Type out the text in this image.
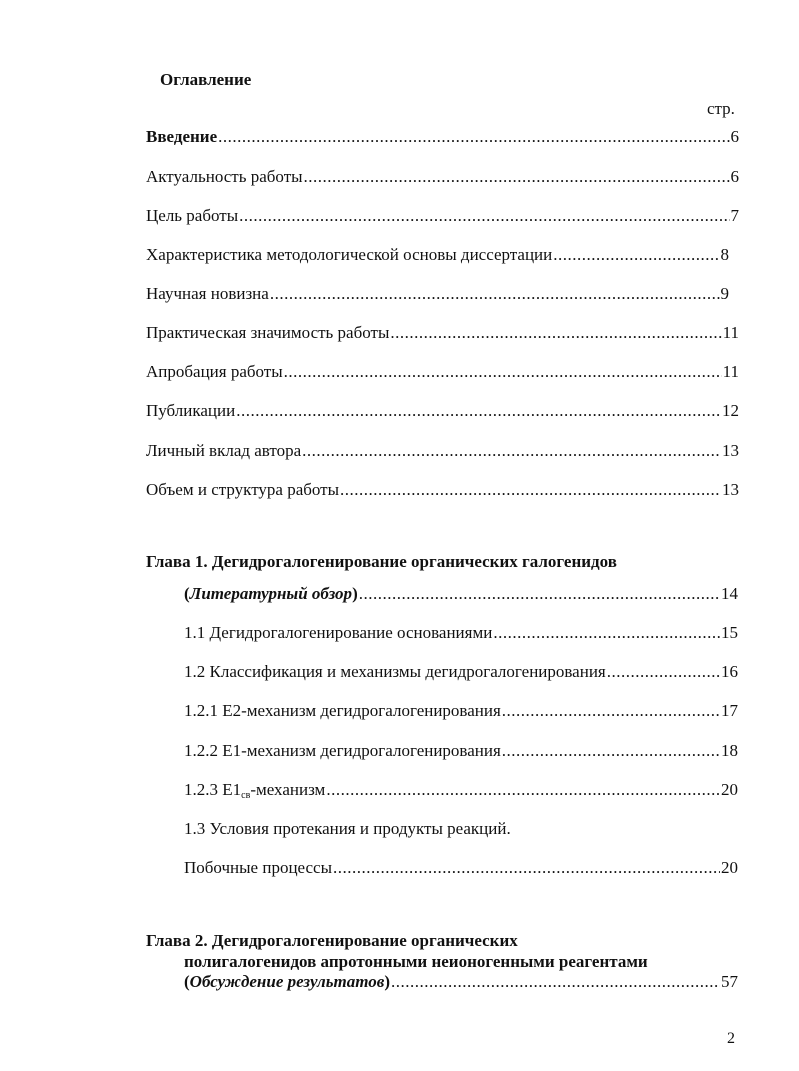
Оглавление
стр.
Введение .....	6
Актуальность работы .....	6
Цель работы .....	7
Характеристика методологической основы диссертации .....	8
Научная новизна .....	9
Практическая значимость работы .....	11
Апробация работы .....	11
Публикации .....	12
Личный вклад автора .....	13
Объем и структура работы .....	13
Глава 1. Дегидрогалогенирование органических галогенидов
(Литературный обзор) .....	14
1.1 Дегидрогалогенирование основаниями .....	15
1.2 Классификация и механизмы дегидрогалогенирования .....	16
1.2.1 Е2-механизм дегидрогалогенирования .....	17
1.2.2 Е1-механизм дегидрогалогенирования .....	18
1.2.3 $Е1_{cв}$-механизм .....	20
1.3 Условия протекания и продукты реакций.
Побочные процессы .....	20
Глава 2. Дегидрогалогенирование органических
полигалогенидов апротонными неионогенными реагентами
(Обсуждение результатов) .....	57
2
